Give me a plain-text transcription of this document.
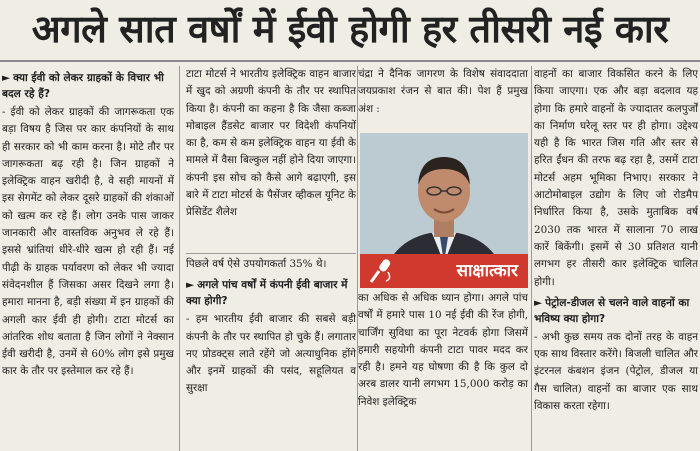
अगले सात वर्षों में ईवी होगी हर तीसरी नई कार

► क्या ईवी को लेकर ग्राहकों के विचार भी बदल रहे हैं?

- ईवी को लेकर ग्राहकों की जागरूकता एक बड़ा विषय है जिस पर कार कंपनियों के साथ ही सरकार को भी काम करना है। मोटे तौर पर जागरूकता बढ़ रही है। जिन ग्राहकों ने इलेक्ट्रिक वाहन खरीदी है, वे सही मायनों में इस सेगमेंट को लेकर दूसरे ग्राहकों की शंकाओं को खत्म कर रहे हैं। लोग उनके पास जाकर जानकारी और वास्तविक अनुभव ले रहे हैं। इससे भ्रांतियां धीरे-धीरे खत्म हो रही हैं। नई पीढ़ी के ग्राहक पर्यावरण को लेकर भी ज्यादा संवेदनशील हैं जिसका असर दिखने लगा है। हमारा मानना है, बड़ी संख्या में इन ग्राहकों की अगली कार ईवी ही होगी। टाटा मोटर्स का आंतरिक शोध बताता है जिन लोगों ने नेक्सान ईवी खरीदी है, उनमें से 60% लोग इसे प्रमुख कार के तौर पर इस्तेमाल कर रहे हैं।

टाटा मोटर्स ने भारतीय इलेक्ट्रिक वाहन बाजार में खुद को अग्रणी कंपनी के तौर पर स्थापित किया है। कंपनी का कहना है कि जैसा कब्जा मोबाइल हैंडसेट बाजार पर विदेशी कंपनियों का है, कम से कम इलेक्ट्रिक वाहन या ईवी के मामले में वैसा बिल्कुल नहीं होने दिया जाएगा। कंपनी इस सोच को कैसे आगे बढ़ाएगी, इस बारे में टाटा मोटर्स के पैसेंजर व्हीकल यूनिट के प्रेसिडेंट शैलेश

पिछले वर्ष ऐसे उपयोगकर्ता 35% थे।

► अगले पांच वर्षों में कंपनी ईवी बाजार में क्या होगी?

- हम भारतीय ईवी बाजार की सबसे बड़ी कंपनी के तौर पर स्थापित हो चुके हैं। लगातार नए प्रोडक्ट्स लाते रहेंगे जो अत्याधुनिक होंगे और इनमें ग्राहकों की पसंद, सहूलियत व सुरक्षा

चंद्रा ने दैनिक जागरण के विशेष संवाददाता जयप्रकाश रंजन से बात की। पेश हैं प्रमुख अंश :

साक्षात्कार

का अधिक से अधिक ध्यान होगा। अगले पांच वर्षों में हमारे पास 10 नई ईवी की रेंज होगी, चार्जिंग सुविधा का पूरा नेटवर्क होगा जिसमें हमारी सहयोगी कंपनी टाटा पावर मदद कर रही है। हमने यह घोषणा की है कि कुल दो अरब डालर यानी लगभग 15,000 करोड़ का निवेश इलेक्ट्रिक

वाहनों का बाजार विकसित करने के लिए किया जाएगा। एक और बड़ा बदलाव यह होगा कि हमारे वाहनों के ज्यादातर कलपुर्जों का निर्माण घरेलू स्तर पर ही होगा। उद्देश्य यही है कि भारत जिस गति और स्तर से हरित ईंधन की तरफ बढ़ रहा है, उसमें टाटा मोटर्स अहम भूमिका निभाए। सरकार ने आटोमोबाइल उद्योग के लिए जो रोडमैप निर्धारित किया है, उसके मुताबिक वर्ष 2030 तक भारत में सालाना 70 लाख कारें बिकेंगी। इसमें से 30 प्रतिशत यानी लगभग हर तीसरी कार इलेक्ट्रिक चालित होगी।

► पेट्रोल-डीजल से चलने वाले वाहनों का भविष्य क्या होगा?

- अभी कुछ समय तक दोनों तरह के वाहन एक साथ विस्तार करेंगे। बिजली चालित और इंटरनल कंबशन इंजन (पेट्रोल, डीजल या गैस चालित) वाहनों का बाजार एक साथ विकास करता रहेगा।
